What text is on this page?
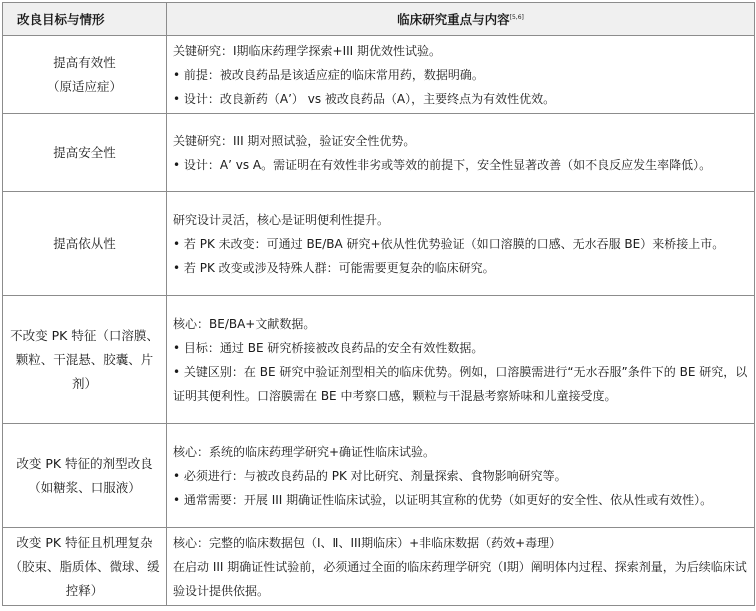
改良目标与情形	临床研究重点与内容[5,6]

提高有效性
（原适应症）	关键研究：Ⅰ期临床药理学探索+III 期优效性试验。
• 前提：被改良药品是该适应症的临床常用药，数据明确。
• 设计：改良新药（A’） vs 被改良药品（A），主要终点为有效性优效。

提高安全性	关键研究：III 期对照试验，验证安全性优势。
• 设计：A’ vs A。需证明在有效性非劣或等效的前提下，安全性显著改善（如不良反应发生率降低）。

提高依从性	研究设计灵活，核心是证明便利性提升。
• 若 PK 未改变：可通过 BE/BA 研究+依从性优势验证（如口溶膜的口感、无水吞服 BE）来桥接上市。
• 若 PK 改变或涉及特殊人群：可能需要更复杂的临床研究。

不改变 PK 特征（口溶膜、颗粒、干混悬、胶囊、片剂）	核心：BE/BA+文献数据。
• 目标：通过 BE 研究桥接被改良药品的安全有效性数据。
• 关键区别：在 BE 研究中验证剂型相关的临床优势。例如，口溶膜需进行“无水吞服”条件下的 BE 研究，以证明其便利性。口溶膜需在 BE 中考察口感，颗粒与干混悬考察矫味和儿童接受度。

改变 PK 特征的剂型改良（如糖浆、口服液）	核心：系统的临床药理学研究+确证性临床试验。
• 必须进行：与被改良药品的 PK 对比研究、剂量探索、食物影响研究等。
• 通常需要：开展 III 期确证性临床试验，以证明其宣称的优势（如更好的安全性、依从性或有效性）。

改变 PK 特征且机理复杂（胶束、脂质体、微球、缓控释）	核心：完整的临床数据包（Ⅰ、Ⅱ、III期临床）+非临床数据（药效+毒理）
在启动 III 期确证性试验前，必须通过全面的临床药理学研究（I期）阐明体内过程、探索剂量，为后续临床试验设计提供依据。
